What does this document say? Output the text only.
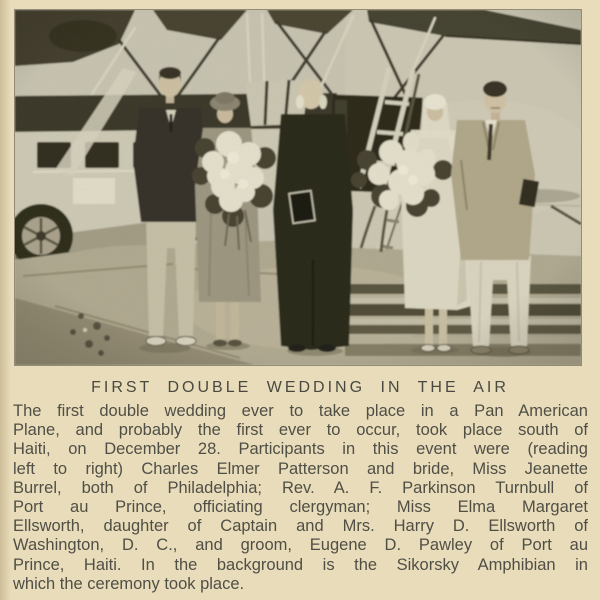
FIRST DOUBLE WEDDING IN THE AIR
The first double wedding ever to take place in a Pan American
Plane, and probably the first ever to occur, took place south of
Haiti, on December 28. Participants in this event were (reading
left to right) Charles Elmer Patterson and bride, Miss Jeanette
Burrel, both of Philadelphia; Rev. A. F. Parkinson Turnbull of
Port au Prince, officiating clergyman; Miss Elma Margaret
Ellsworth, daughter of Captain and Mrs. Harry D. Ellsworth of
Washington, D. C., and groom, Eugene D. Pawley of Port au
Prince, Haiti. In the background is the Sikorsky Amphibian in
which the ceremony took place.
